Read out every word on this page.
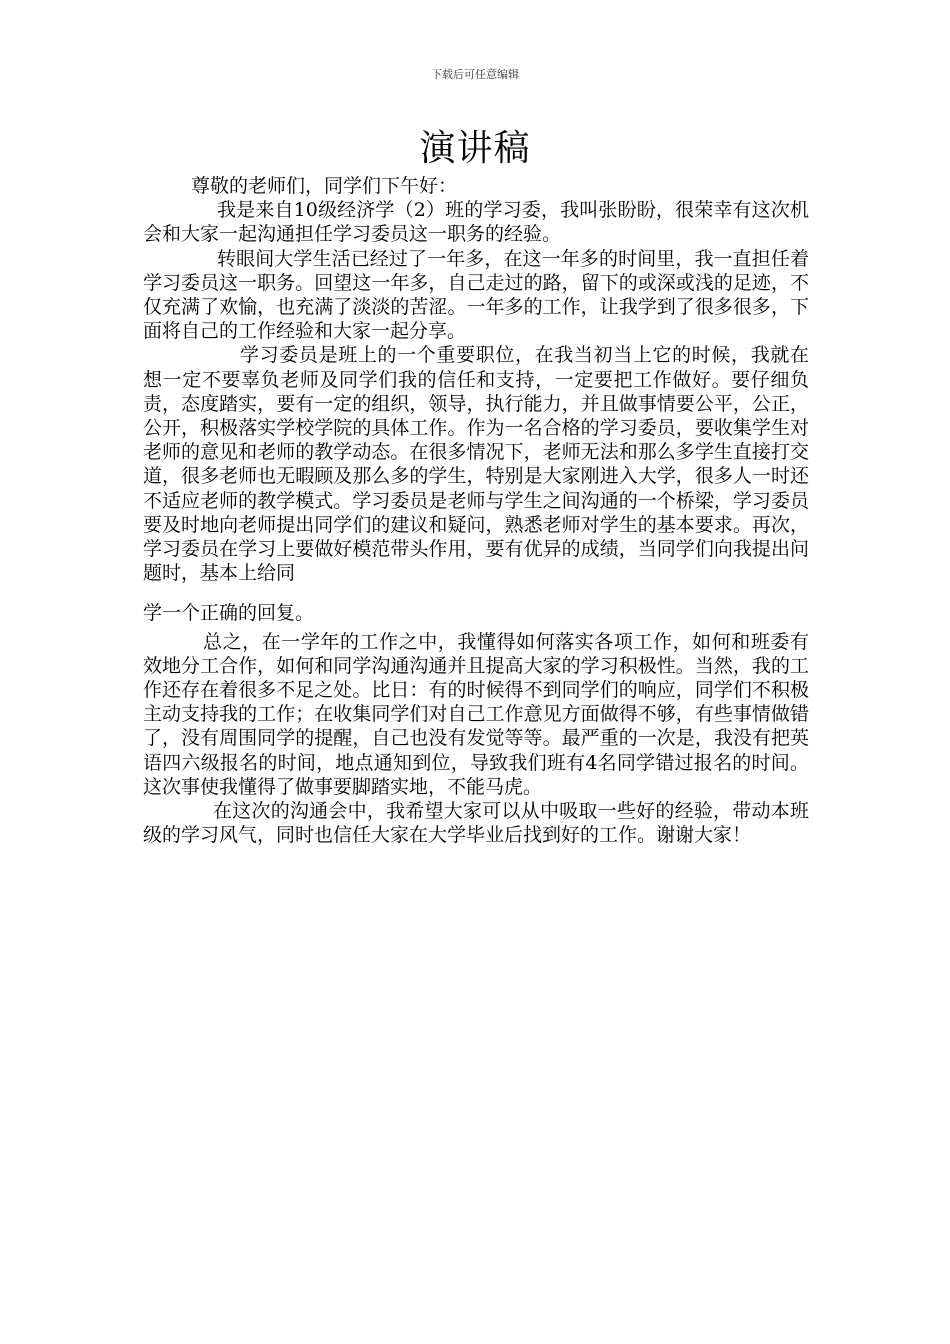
下载后可任意编辑
演讲稿

尊敬的老师们，同学们下午好：

我是来自10级经济学（2）班的学习委，我叫张盼盼，很荣幸有这次机会和大家一起沟通担任学习委员这一职务的经验。

转眼间大学生活已经过了一年多，在这一年多的时间里，我一直担任着学习委员这一职务。回望这一年多，自己走过的路，留下的或深或浅的足迹，不仅充满了欢愉，也充满了淡淡的苦涩。一年多的工作，让我学到了很多很多，下面将自己的工作经验和大家一起分享。

学习委员是班上的一个重要职位，在我当初当上它的时候，我就在想一定不要辜负老师及同学们我的信任和支持，一定要把工作做好。要仔细负责，态度踏实，要有一定的组织，领导，执行能力，并且做事情要公平，公正，公开，积极落实学校学院的具体工作。作为一名合格的学习委员，要收集学生对老师的意见和老师的教学动态。在很多情况下，老师无法和那么多学生直接打交道，很多老师也无暇顾及那么多的学生，特别是大家刚进入大学，很多人一时还不适应老师的教学模式。学习委员是老师与学生之间沟通的一个桥梁，学习委员要及时地向老师提出同学们的建议和疑问，熟悉老师对学生的基本要求。再次，学习委员在学习上要做好模范带头作用，要有优异的成绩，当同学们向我提出问题时，基本上给同

学一个正确的回复。

总之，在一学年的工作之中，我懂得如何落实各项工作，如何和班委有效地分工合作，如何和同学沟通沟通并且提高大家的学习积极性。当然，我的工作还存在着很多不足之处。比日：有的时候得不到同学们的响应，同学们不积极主动支持我的工作；在收集同学们对自己工作意见方面做得不够，有些事情做错了，没有周围同学的提醒，自己也没有发觉等等。最严重的一次是，我没有把英语四六级报名的时间，地点通知到位，导致我们班有4名同学错过报名的时间。这次事使我懂得了做事要脚踏实地，不能马虎。

在这次的沟通会中，我希望大家可以从中吸取一些好的经验，带动本班级的学习风气，同时也信任大家在大学毕业后找到好的工作。谢谢大家！
